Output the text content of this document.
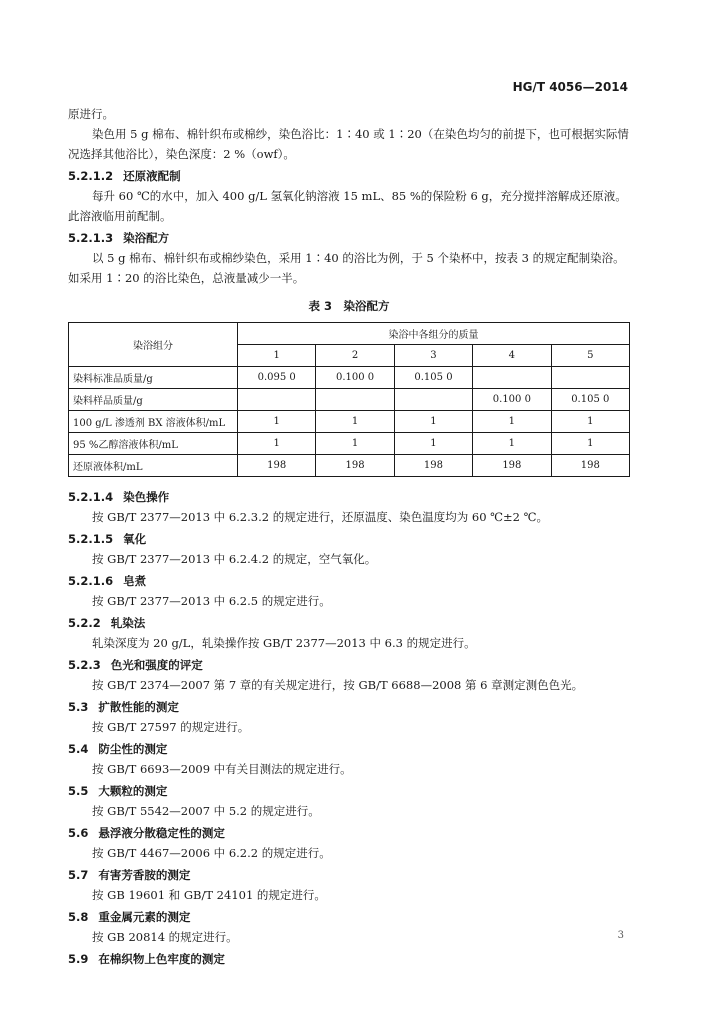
HG/T 4056—2014

原进行。

染色用 5 g 棉布、棉针织布或棉纱，染色浴比：1∶40 或 1∶20（在染色均匀的前提下，也可根据实际情况选择其他浴比），染色深度：2 %（owf）。

5.2.1.2 还原液配制

每升 60 ℃的水中，加入 400 g/L 氢氧化钠溶液 15 mL、85 %的保险粉 6 g，充分搅拌溶解成还原液。此溶液临用前配制。

5.2.1.3 染浴配方

以 5 g 棉布、棉针织布或棉纱染色，采用 1∶40 的浴比为例，于 5 个染杯中，按表 3 的规定配制染浴。如采用 1∶20 的浴比染色，总液量减少一半。

表 3　染浴配方
染浴组分	染浴中各组分的质量				
	1	2	3	4	5
染料标准品质量/g	0.095 0	0.100 0	0.105 0		
染料样品质量/g				0.100 0	0.105 0
100 g/L 渗透剂 BX 溶液体积/mL	1	1	1	1	1
95 %乙醇溶液体积/mL	1	1	1	1	1
还原液体积/mL	198	198	198	198	198
5.2.1.4 染色操作

按 GB/T 2377—2013 中 6.2.3.2 的规定进行，还原温度、染色温度均为 60 ℃±2 ℃。

5.2.1.5 氧化

按 GB/T 2377—2013 中 6.2.4.2 的规定，空气氧化。

5.2.1.6 皂煮

按 GB/T 2377—2013 中 6.2.5 的规定进行。

5.2.2 轧染法

轧染深度为 20 g/L，轧染操作按 GB/T 2377—2013 中 6.3 的规定进行。

5.2.3 色光和强度的评定

按 GB/T 2374—2007 第 7 章的有关规定进行，按 GB/T 6688—2008 第 6 章测定测色色光。

5.3 扩散性能的测定

按 GB/T 27597 的规定进行。

5.4 防尘性的测定

按 GB/T 6693—2009 中有关目测法的规定进行。

5.5 大颗粒的测定

按 GB/T 5542—2007 中 5.2 的规定进行。

5.6 悬浮液分散稳定性的测定

按 GB/T 4467—2006 中 6.2.2 的规定进行。

5.7 有害芳香胺的测定

按 GB 19601 和 GB/T 24101 的规定进行。

5.8 重金属元素的测定

按 GB 20814 的规定进行。

5.9 在棉织物上色牢度的测定
3
